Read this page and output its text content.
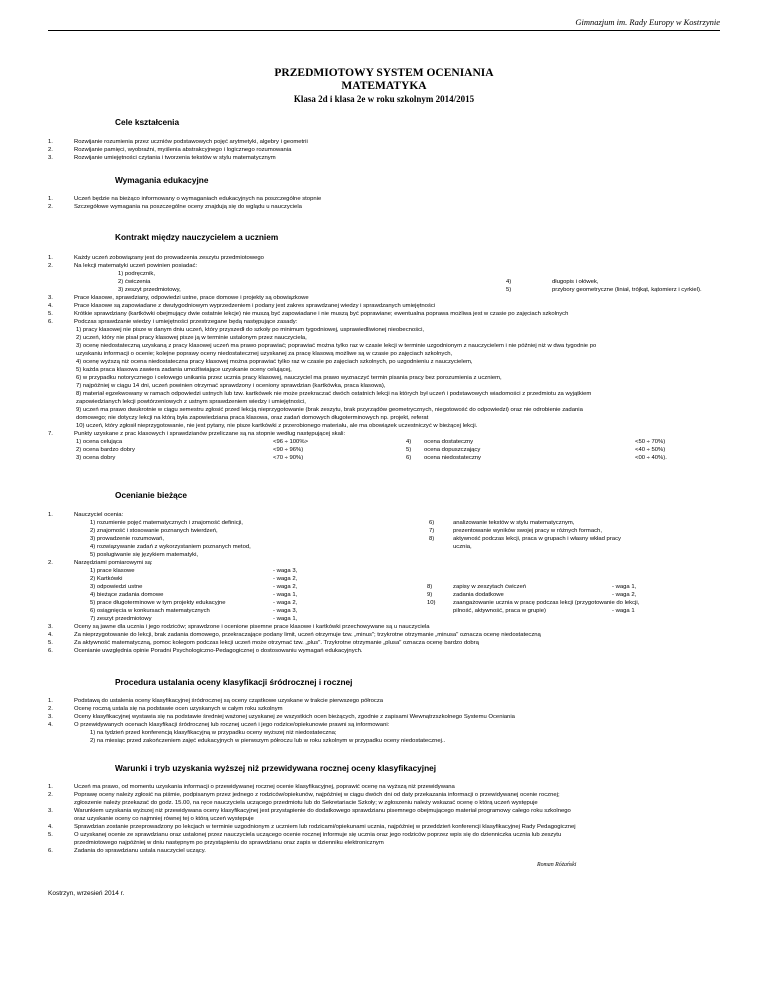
Gimnazjum im. Rady Europy w Kostrzynie
PRZEDMIOTOWY SYSTEM OCENIANIA
MATEMATYKA
Klasa 2d i klasa 2e w roku szkolnym 2014/2015
Cele kształcenia
1.	Rozwijanie rozumienia przez uczniów podstawowych pojęć arytmetyki, algebry i geometrii
2.	Rozwijanie pamięci, wyobraźni, myślenia abstrakcyjnego i logicznego rozumowania
3.	Rozwijanie umiejętności czytania i tworzenia tekstów w stylu matematycznym
Wymagania edukacyjne
1.	Uczeń będzie na bieżąco informowany o wymaganiach edukacyjnych na poszczególne stopnie
2.	Szczegółowe wymagania na poszczególne oceny znajdują się do wglądu u nauczyciela
Kontrakt między nauczycielem a uczniem
1.	Każdy uczeń zobowiązany jest do prowadzenia zeszytu przedmiotowego
2.	Na lekcji matematyki uczeń powinien posiadać:
1) podręcznik,
2) ćwiczenia
3) zeszyt przedmiotowy,
4)	długopis i ołówek,
5)	przybory geometryczne (liniał, trójkąt, kątomierz i cyrkiel).
3.	Prace klasowe, sprawdziany, odpowiedzi ustne, prace domowe i projekty są obowiązkowe
4.	Prace klasowe są zapowiadane z dwutygodniowym wyprzedzeniem i podany jest zakres sprawdzanej wiedzy i sprawdzanych umiejętności
5.	Krótkie sprawdziany (kartkówki obejmujący dwie ostatnie lekcje) nie muszą być zapowiadane i nie muszą być poprawiane; ewentualna poprawa możliwa jest w czasie po zajęciach szkolnych
6.	Podczas sprawdzanie wiedzy i umiejętności przestrzegane będą następujące zasady:
1) pracy klasowej nie pisze w danym dniu uczeń, który przyszedł do szkoły po minimum tygodniowej, usprawiedliwionej nieobecności,
2) uczeń, który nie pisał pracy klasowej pisze ją w terminie ustalonym przez nauczyciela,
3) ocenę niedostateczną uzyskaną z pracy klasowej uczeń ma prawo poprawiać; poprawiać można tylko raz w czasie lekcji w terminie uzgodnionym z nauczycielem i nie później niż w dwa tygodnie po
uzyskaniu informacji o ocenie; kolejne poprawy oceny niedostatecznej uzyskanej za pracę klasową możliwe są w czasie po zajęciach szkolnych,
4) ocenę wyższą niż ocena niedostateczna pracy klasowej można poprawiać tylko raz w czasie po zajęciach szkolnych, po uzgodnieniu z nauczycielem,
5) każda praca klasowa zawiera zadania umożliwiające uzyskanie oceny celującej,
6) w przypadku notorycznego i celowego unikania przez ucznia pracy klasowej, nauczyciel ma prawo wyznaczyć termin pisania pracy bez porozumienia z uczniem,
7) najpóźniej w ciągu 14 dni, uczeń powinien otrzymać sprawdzony i oceniony sprawdzian (kartkówka, praca klasowa),
8) materiał egzekwowany w ramach odpowiedzi ustnych lub tzw. kartkówek nie może przekraczać dwóch ostatnich lekcji na których był uczeń i podstawowych wiadomości z przedmiotu za wyjątkiem
zapowiedzianych lekcji powtórzeniowych z ustnym sprawdzeniem wiedzy i umiejętności,
9) uczeń ma prawo dwukrotnie w ciągu semestru zgłosić przed lekcją nieprzygotowanie (brak zeszytu, brak przyrządów geometrycznych, niegotowość do odpowiedzi) oraz nie odrobienie zadania
domowego; nie dotyczy lekcji na którą była zapowiedziana praca klasowa, oraz zadań domowych długoterminowych np. projekt, referat
10) uczeń, który zgłosił nieprzygotowanie, nie jest pytany, nie pisze kartkówki z przerobionego materiału, ale ma obowiązek uczestniczyć w bieżącej lekcji.
7.	Punkty uzyskane z prac klasowych i sprawdzianów przeliczane są na stopnie według następującej skali:
1) ocena celująca	<96 ÷ 100%>	4) ocena dostateczny	<50 ÷ 70%)
2) ocena bardzo dobry	<90 ÷ 96%)	5) ocena dopuszczający	<40 ÷ 50%)
3) ocena dobry	<70 ÷ 90%)	6) ocena niedostateczny	<00 ÷ 40%).
Ocenianie bieżące
1.	Nauczyciel ocenia:
1) rozumienie pojęć matematycznych i znajomość definicji,
2) znajomość i stosowanie poznanych twierdzeń,
3) prowadzenie rozumowań,
4) rozwiązywanie zadań z wykorzystaniem poznanych metod,
5) posługiwanie się językiem matematyki,
6)	analizowanie tekstów w stylu matematycznym,
7)	prezentowanie wyników swojej pracy w różnych formach,
8)	aktywność podczas lekcji, praca w grupach i własny wkład pracy
ucznia,
2.	Narzędziami pomiarowymi są:
1) prace klasowe	- waga 3,
2) Kartkówki	- waga 2,
3) odpowiedzi ustne	- waga 2,
4) bieżące zadania domowe	- waga 1,
5) prace długoterminowe w tym projekty edukacyjne	- waga 2,
6) osiągnięcia w konkursach matematycznych	- waga 3,
7) zeszyt przedmiotowy	- waga 1,
8)	zapisy w zeszytach ćwiczeń	- waga 1,
9)	zadania dodatkowe	- waga 2,
10)	zaangażowanie ucznia w pracę podczas lekcji (przygotowanie do lekcji,
pilność, aktywność, praca w grupie)	- waga 1
3.	Oceny są jawne dla ucznia i jego rodziców; sprawdzone i ocenione pisemne prace klasowe i kartkówki przechowywane są u nauczyciela
4.	Za nieprzygotowanie do lekcji, brak zadania domowego, przekraczające podany limit, uczeń otrzymuje tzw. „minus"; trzykrotne otrzymanie „minusa" oznacza ocenę niedostateczną
5.	Za aktywność matematyczną, pomoc kolegom podczas lekcji uczeń może otrzymać tzw. „plus". Trzykrotne otrzymanie „plusa" oznacza ocenę bardzo dobrą
6.	Ocenianie uwzględnia opinie Poradni Psychologiczno-Pedagogicznej o dostosowaniu wymagań edukacyjnych.
Procedura ustalania oceny klasyfikacji śródrocznej i rocznej
1.	Podstawą do ustalenia oceny klasyfikacyjnej śródrocznej są oceny cząstkowe uzyskane w trakcie pierwszego półrocza
2.	Ocenę roczną ustala się na podstawie ocen uzyskanych w całym roku szkolnym
3.	Oceny klasyfikacyjnej wystawia się na podstawie średniej ważonej uzyskanej ze wszystkich ocen bieżących, zgodnie z zapisami Wewnątrzszkolnego Systemu Oceniania
4.	O przewidywanych ocenach klasyfikacji śródrocznej lub rocznej uczeń i jego rodzice/opiekunowie prawni są informowani:
1) na tydzień przed konferencją klasyfikacyjną w przypadku oceny wyższej niż niedostateczna;
2) na miesiąc przed zakończeniem zajęć edukacyjnych w pierwszym półroczu lub w roku szkolnym w przypadku oceny niedostatecznej..
Warunki i tryb uzyskania wyższej niż przewidywana rocznej oceny klasyfikacyjnej
1.	Uczeń ma prawo, od momentu uzyskania informacji o przewidywanej rocznej ocenie klasyfikacyjnej, poprawić ocenę na wyższą niż przewidywana
2.	Poprawę oceny należy zgłosić na piśmie, podpisanym przez jednego z rodziców/opiekunów, najpóźniej w ciągu dwóch dni od daty przekazania informacji o przewidywanej ocenie rocznej;
zgłoszenie należy przekazać do godz. 15.00, na ręce nauczyciela uczącego przedmiotu lub do Sekretariacie Szkoły; w zgłoszeniu należy wskazać ocenę o którą uczeń występuje
3.	Warunkiem uzyskania wyższej niż przewidywana oceny klasyfikacyjnej jest przystąpienie do dodatkowego sprawdzianu pisemnego obejmującego materiał programowy całego roku szkolnego
oraz uzyskanie oceny co najmniej równej tej o którą uczeń występuje
4.	Sprawdzian zostanie przeprowadzony po lekcjach w terminie uzgodnionym z uczniem lub rodzicami/opiekunami ucznia, najpóźniej w przeddzień konferencji klasyfikacyjnej Rady Pedagogicznej
5.	O uzyskanej ocenie ze sprawdzianu oraz ustalonej przez nauczyciela uczącego ocenie rocznej informuje się ucznia oraz jego rodziców poprzez wpis się do dzienniczka ucznia lub zeszytu
przedmiotowego najpóźniej w dniu następnym po przystąpieniu do sprawdzianu oraz zapis w dzienniku elektronicznym
6.	Zadania do sprawdzianu ustala nauczyciel uczący.
Kostrzyn, wrzesień 2014 r.
Roman Różański
